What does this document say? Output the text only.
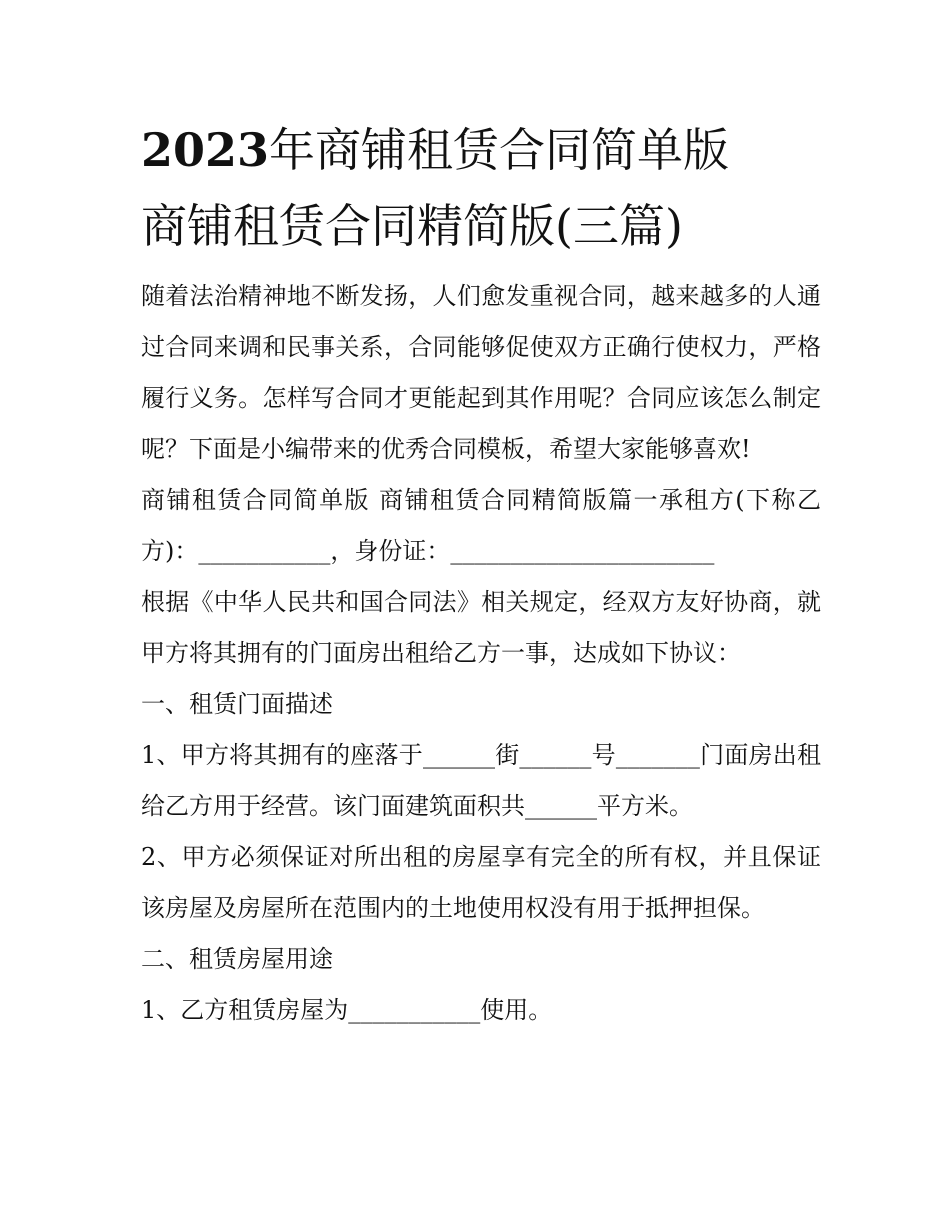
2023年商铺租赁合同简单版
商铺租赁合同精简版(三篇)

随着法治精神地不断发扬，人们愈发重视合同，越来越多的人通过合同来调和民事关系，合同能够促使双方正确行使权力，严格履行义务。怎样写合同才更能起到其作用呢？合同应该怎么制定呢？下面是小编带来的优秀合同模板，希望大家能够喜欢!

商铺租赁合同简单版 商铺租赁合同精简版篇一承租方(下称乙方)：___________，身份证：______________________

根据《中华人民共和国合同法》相关规定，经双方友好协商，就甲方将其拥有的门面房出租给乙方一事，达成如下协议：

一、租赁门面描述

1、甲方将其拥有的座落于______街______号_______门面房出租给乙方用于经营。该门面建筑面积共______平方米。

2、甲方必须保证对所出租的房屋享有完全的所有权，并且保证该房屋及房屋所在范围内的土地使用权没有用于抵押担保。

二、租赁房屋用途

1、乙方租赁房屋为___________使用。
